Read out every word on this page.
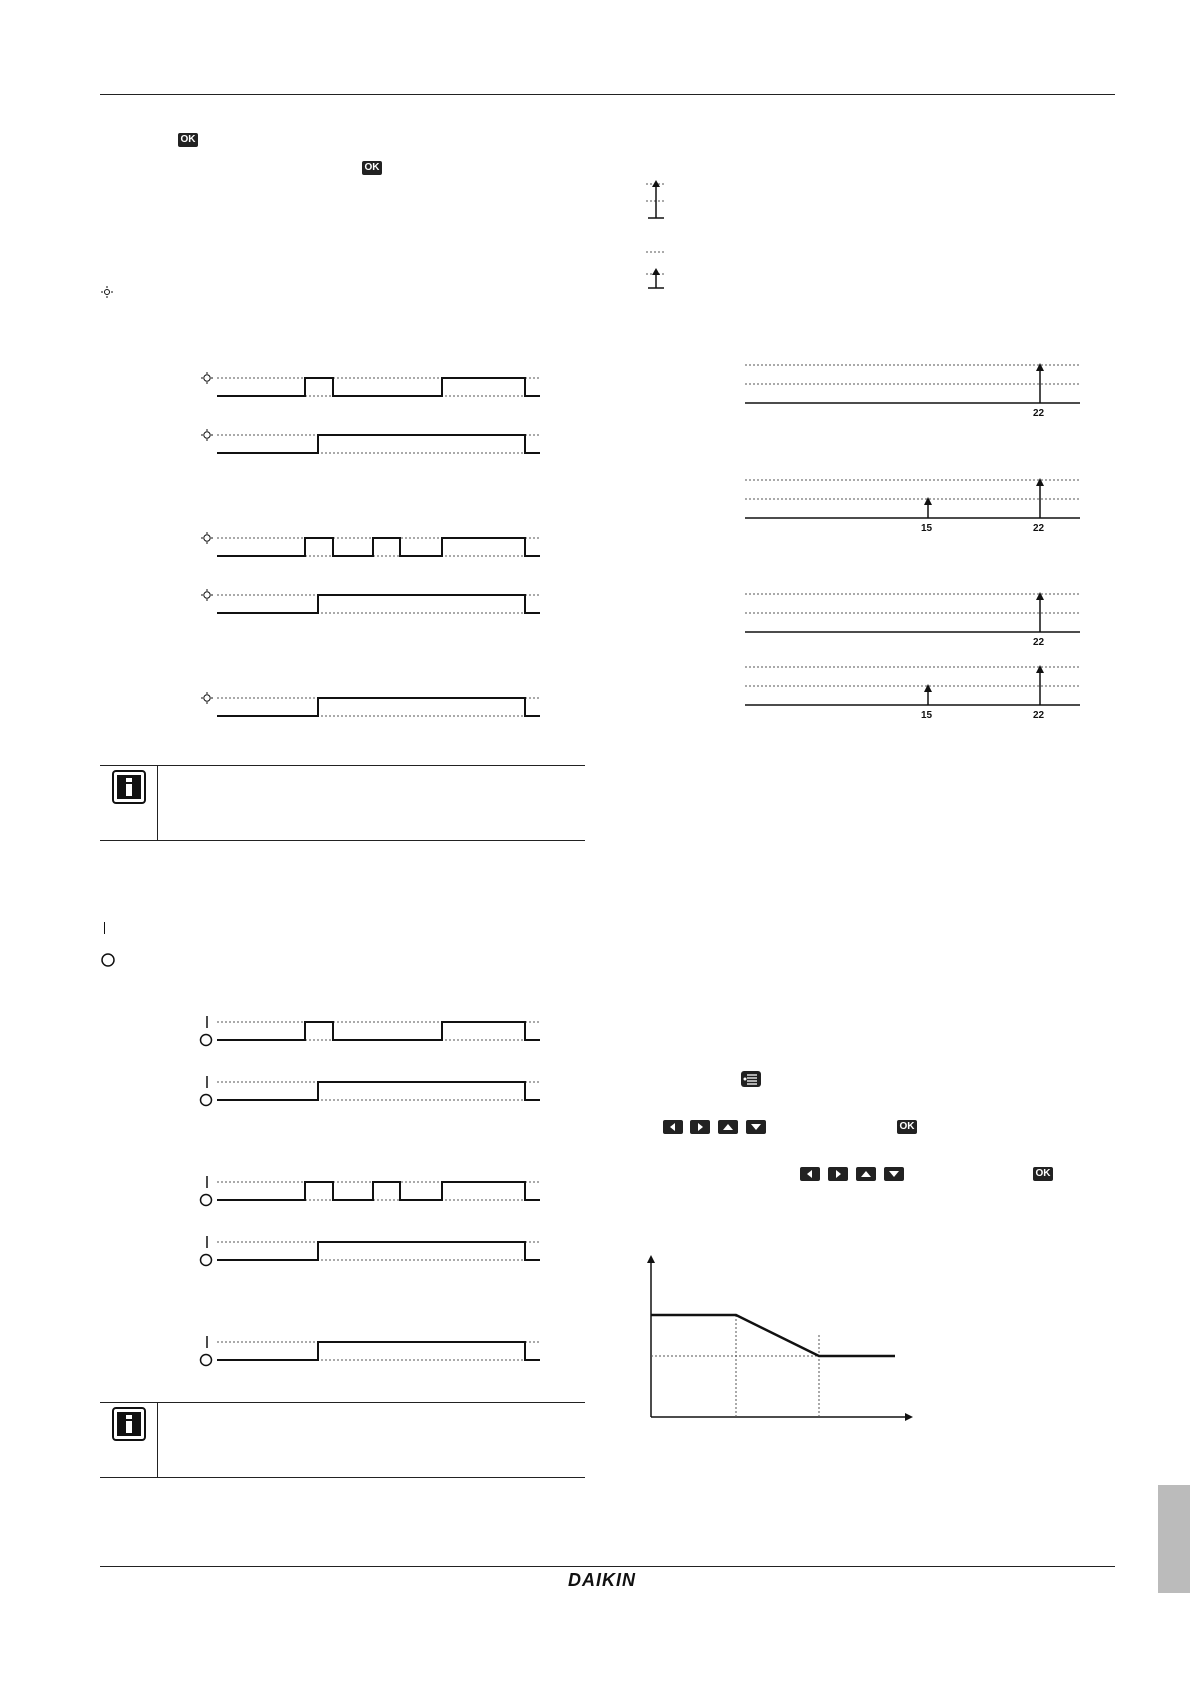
OK
OK
22
15	22
22
15	22
OK
OK
DAIKIN
